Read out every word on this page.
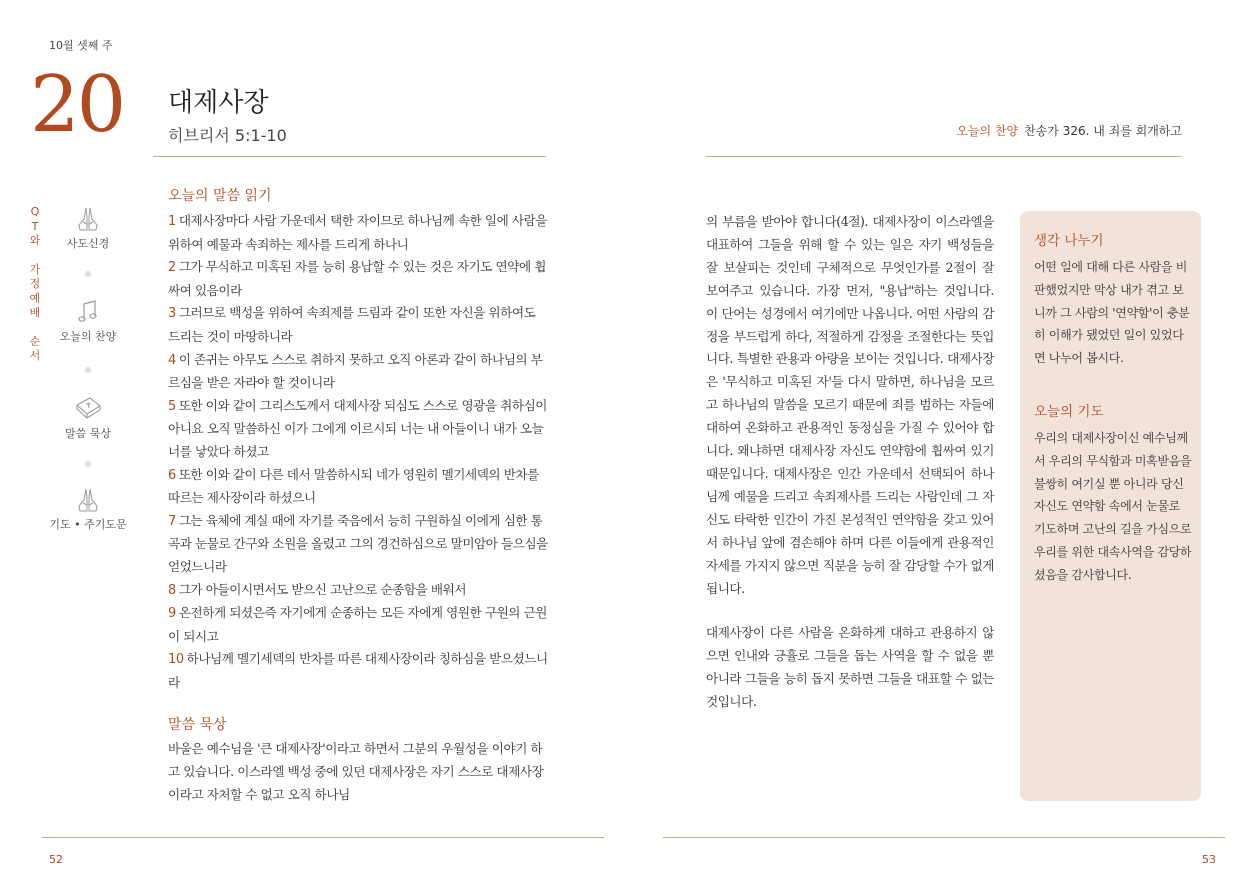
10월 셋째 주
20 대제사장
히브리서 5:1-10	오늘의 찬양 찬송가 326. 내 죄를 회개하고
Q
T
와
가
정
예
배
순
서
사도신경
오늘의 찬양
말씀 묵상
기도 • 주기도문
오늘의 말씀 읽기
1 대제사장마다 사람 가운데서 택한 자이므로 하나님께 속한 일에 사람을 위하여 예물과 속죄하는 제사를 드리게 하나니
2 그가 무식하고 미혹된 자를 능히 용납할 수 있는 것은 자기도 연약에 휩싸여 있음이라
3 그러므로 백성을 위하여 속죄제를 드림과 같이 또한 자신을 위하여도 드리는 것이 마땅하니라
4 이 존귀는 아무도 스스로 취하지 못하고 오직 아론과 같이 하나님의 부르심을 받은 자라야 할 것이니라
5 또한 이와 같이 그리스도께서 대제사장 되심도 스스로 영광을 취하심이 아니요 오직 말씀하신 이가 그에게 이르시되 너는 내 아들이니 내가 오늘 너를 낳았다 하셨고
6 또한 이와 같이 다른 데서 말씀하시되 네가 영원히 멜기세덱의 반차를 따르는 제사장이라 하셨으니
7 그는 육체에 계실 때에 자기를 죽음에서 능히 구원하실 이에게 심한 통곡과 눈물로 간구와 소원을 올렸고 그의 경건하심으로 말미암아 들으심을 얻었느니라
8 그가 아들이시면서도 받으신 고난으로 순종함을 배워서
9 온전하게 되셨은즉 자기에게 순종하는 모든 자에게 영원한 구원의 근원이 되시고
10 하나님께 멜기세덱의 반차를 따른 대제사장이라 칭하심을 받으셨느니라
말씀 묵상
바울은 예수님을 '큰 대제사장'이라고 하면서 그분의 우월성을 이야기 하고 있습니다. 이스라엘 백성 중에 있던 대제사장은 자기 스스로 대제사장이라고 자처할 수 없고 오직 하나님

의 부름을 받아야 합니다(4절). 대제사장이 이스라엘을 대표하여 그들을 위해 할 수 있는 일은 자기 백성들을 잘 보살피는 것인데 구체적으로 무엇인가를 2절이 잘 보여주고 있습니다. 가장 먼저, "용납"하는 것입니다. 이 단어는 성경에서 여기에만 나옵니다. 어떤 사람의 감정을 부드럽게 하다, 적절하게 감정을 조절한다는 뜻입니다. 특별한 관용과 아량을 보이는 것입니다. 대제사장은 '무식하고 미혹된 자'들 다시 말하면, 하나님을 모르고 하나님의 말씀을 모르기 때문에 죄를 범하는 자들에 대하여 온화하고 관용적인 동정심을 가질 수 있어야 합니다. 왜냐하면 대제사장 자신도 연약함에 휩싸여 있기 때문입니다. 대제사장은 인간 가운데서 선택되어 하나님께 예물을 드리고 속죄제사를 드리는 사람인데 그 자신도 타락한 인간이 가진 본성적인 연약함을 갖고 있어서 하나님 앞에 겸손해야 하며 다른 이들에게 관용적인 자세를 가지지 않으면 직분을 능히 잘 감당할 수가 없게 됩니다.

대제사장이 다른 사람을 온화하게 대하고 관용하지 않으면 인내와 긍휼로 그들을 돕는 사역을 할 수 없을 뿐 아니라 그들을 능히 돕지 못하면 그들을 대표할 수 없는 것입니다.

생각 나누기
어떤 일에 대해 다른 사람을 비판했었지만 막상 내가 겪고 보니까 그 사람의 '연약함'이 충분히 이해가 됐었던 일이 있었다면 나누어 봅시다.
오늘의 기도
우리의 대제사장이신 예수님께서 우리의 무식함과 미혹받음을 불쌍히 여기실 뿐 아니라 당신 자신도 연약함 속에서 눈물로 기도하며 고난의 길을 가심으로 우리를 위한 대속사역을 감당하셨음을 감사합니다.
52	53
